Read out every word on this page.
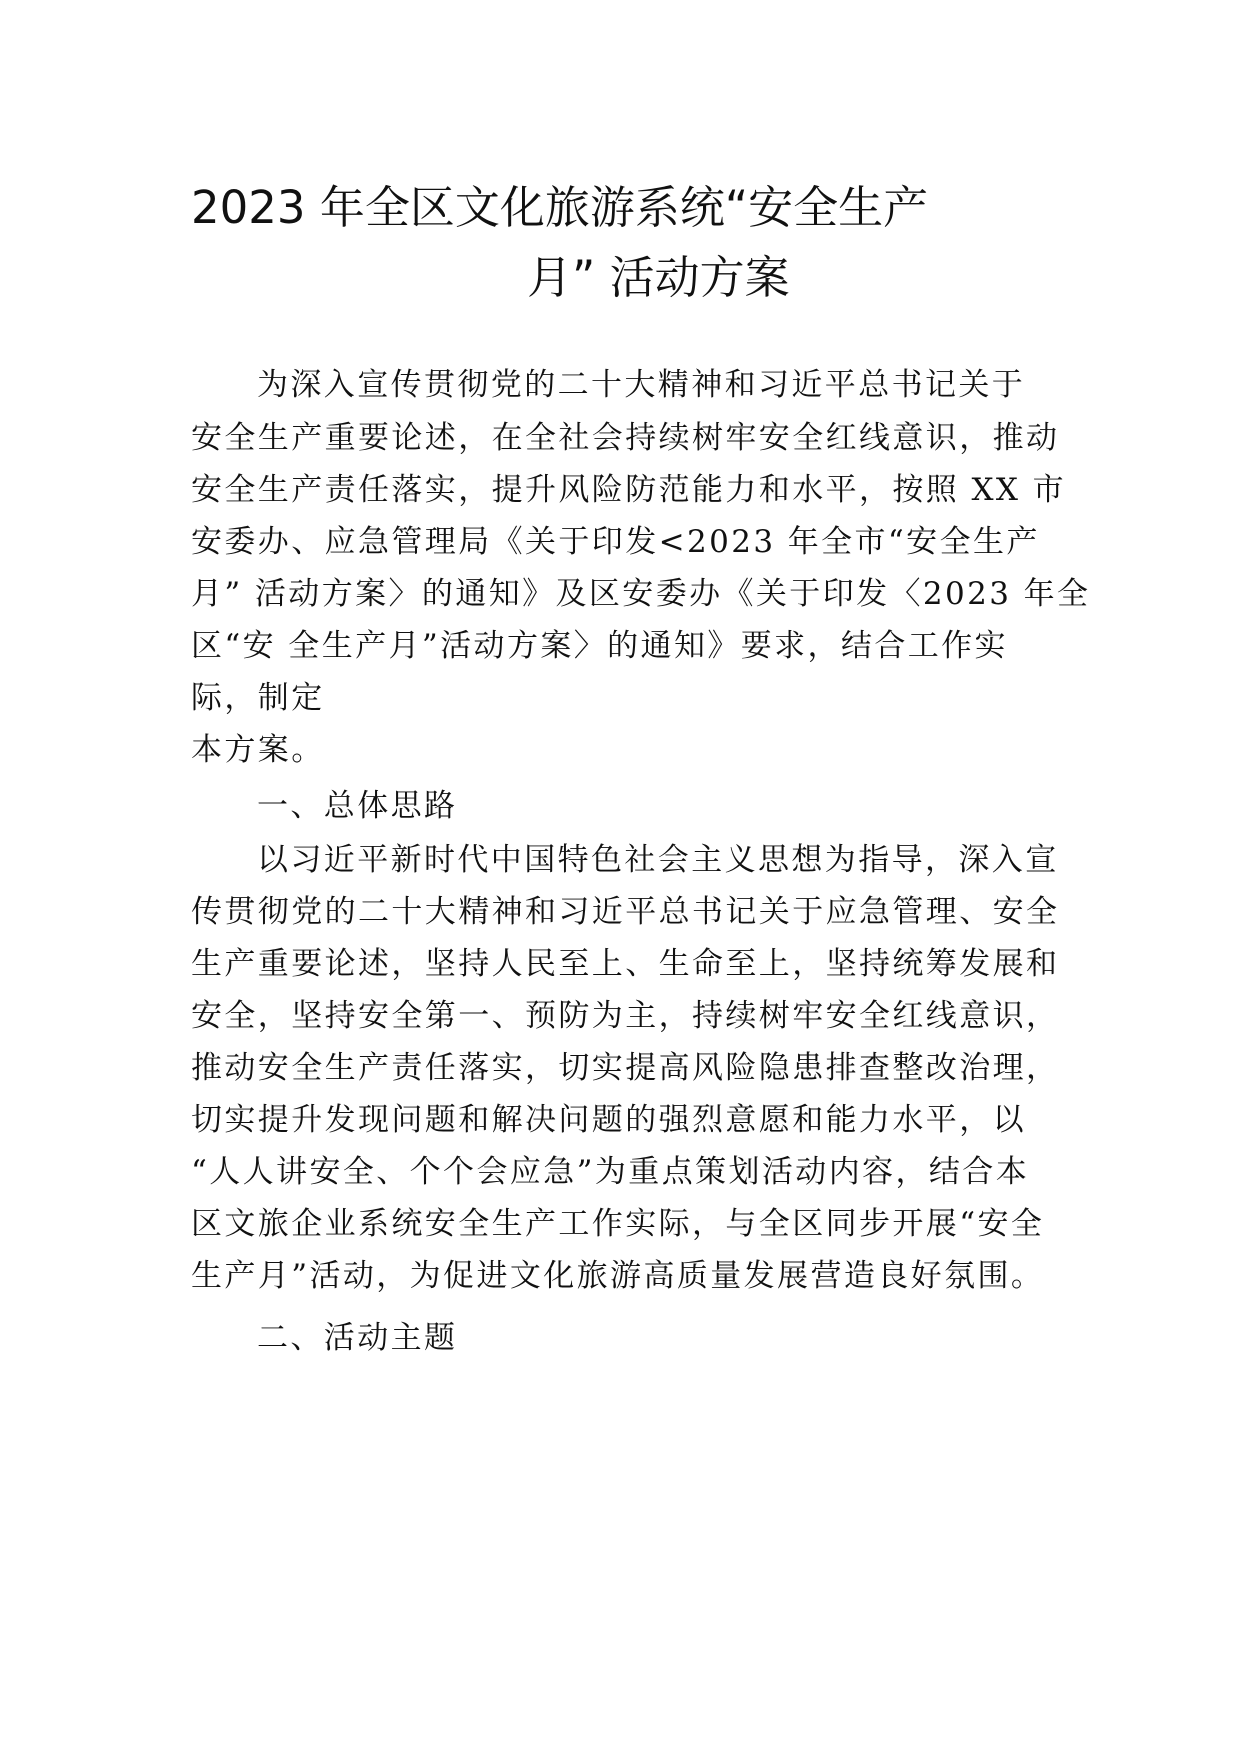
2023 年全区文化旅游系统“安全生产
月” 活动方案
为深入宣传贯彻党的二十大精神和习近平总书记关于
安全生产重要论述，在全社会持续树牢安全红线意识，推动
安全生产责任落实，提升风险防范能力和水平，按照 XX 市
安委办、应急管理局《关于印发<2023 年全市“安全生产
月” 活动方案〉的通知》及区安委办《关于印发〈2023 年全
区“安 全生产月”活动方案〉的通知》要求，结合工作实
际，制定
本方案。
一、总体思路
以习近平新时代中国特色社会主义思想为指导，深入宣
传贯彻党的二十大精神和习近平总书记关于应急管理、安全
生产重要论述，坚持人民至上、生命至上，坚持统筹发展和
安全，坚持安全第一、预防为主，持续树牢安全红线意识，
推动安全生产责任落实，切实提高风险隐患排查整改治理，
切实提升发现问题和解决问题的强烈意愿和能力水平，以
“人人讲安全、个个会应急”为重点策划活动内容，结合本
区文旅企业系统安全生产工作实际，与全区同步开展“安全
生产月”活动，为促进文化旅游高质量发展营造良好氛围。
二、活动主题
